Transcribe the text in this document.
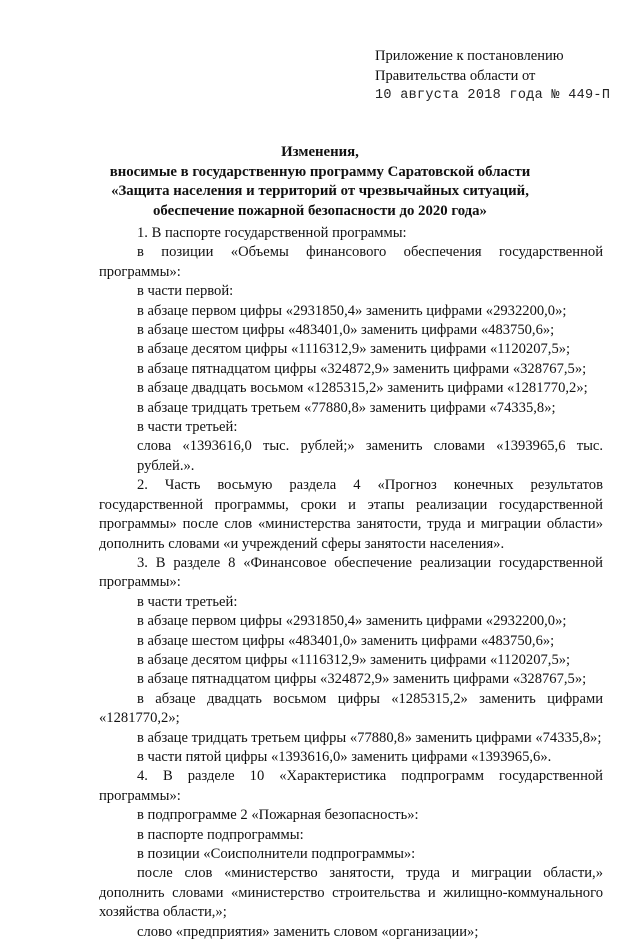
Приложение к постановлению
Правительства области от
10 августа 2018 года № 449-П
Изменения,
вносимые в государственную программу Саратовской области
«Защита населения и территорий от чрезвычайных ситуаций,
обеспечение пожарной безопасности до 2020 года»

1. В паспорте государственной программы:

в позиции «Объемы финансового обеспечения государственной программы»:

в части первой:

в абзаце первом цифры «2931850,4» заменить цифрами «2932200,0»;

в абзаце шестом цифры «483401,0» заменить цифрами «483750,6»;

в абзаце десятом цифры «1116312,9» заменить цифрами «1120207,5»;

в абзаце пятнадцатом цифры «324872,9» заменить цифрами «328767,5»;

в абзаце двадцать восьмом «1285315,2» заменить цифрами «1281770,2»;

в абзаце тридцать третьем «77880,8» заменить цифрами «74335,8»;

в части третьей:

слова «1393616,0 тыс. рублей;» заменить словами «1393965,6 тыс. рублей.».

2. Часть восьмую раздела 4 «Прогноз конечных результатов государственной программы, сроки и этапы реализации государственной программы» после слов «министерства занятости, труда и миграции области» дополнить словами «и учреждений сферы занятости населения».

3. В разделе 8 «Финансовое обеспечение реализации государственной программы»:

в части третьей:

в абзаце первом цифры «2931850,4» заменить цифрами «2932200,0»;

в абзаце шестом цифры «483401,0» заменить цифрами «483750,6»;

в абзаце десятом цифры «1116312,9» заменить цифрами «1120207,5»;

в абзаце пятнадцатом цифры «324872,9» заменить цифрами «328767,5»;

в абзаце двадцать восьмом цифры «1285315,2» заменить цифрами «1281770,2»;

в абзаце тридцать третьем цифры «77880,8» заменить цифрами «74335,8»;

в части пятой цифры «1393616,0» заменить цифрами «1393965,6».

4. В разделе 10 «Характеристика подпрограмм государственной программы»:

в подпрограмме 2 «Пожарная безопасность»:

в паспорте подпрограммы:

в позиции «Соисполнители подпрограммы»:

после слов «министерство занятости, труда и миграции области,» дополнить словами «министерство строительства и жилищно-коммунального хозяйства области,»;

слово «предприятия» заменить словом «организации»;
